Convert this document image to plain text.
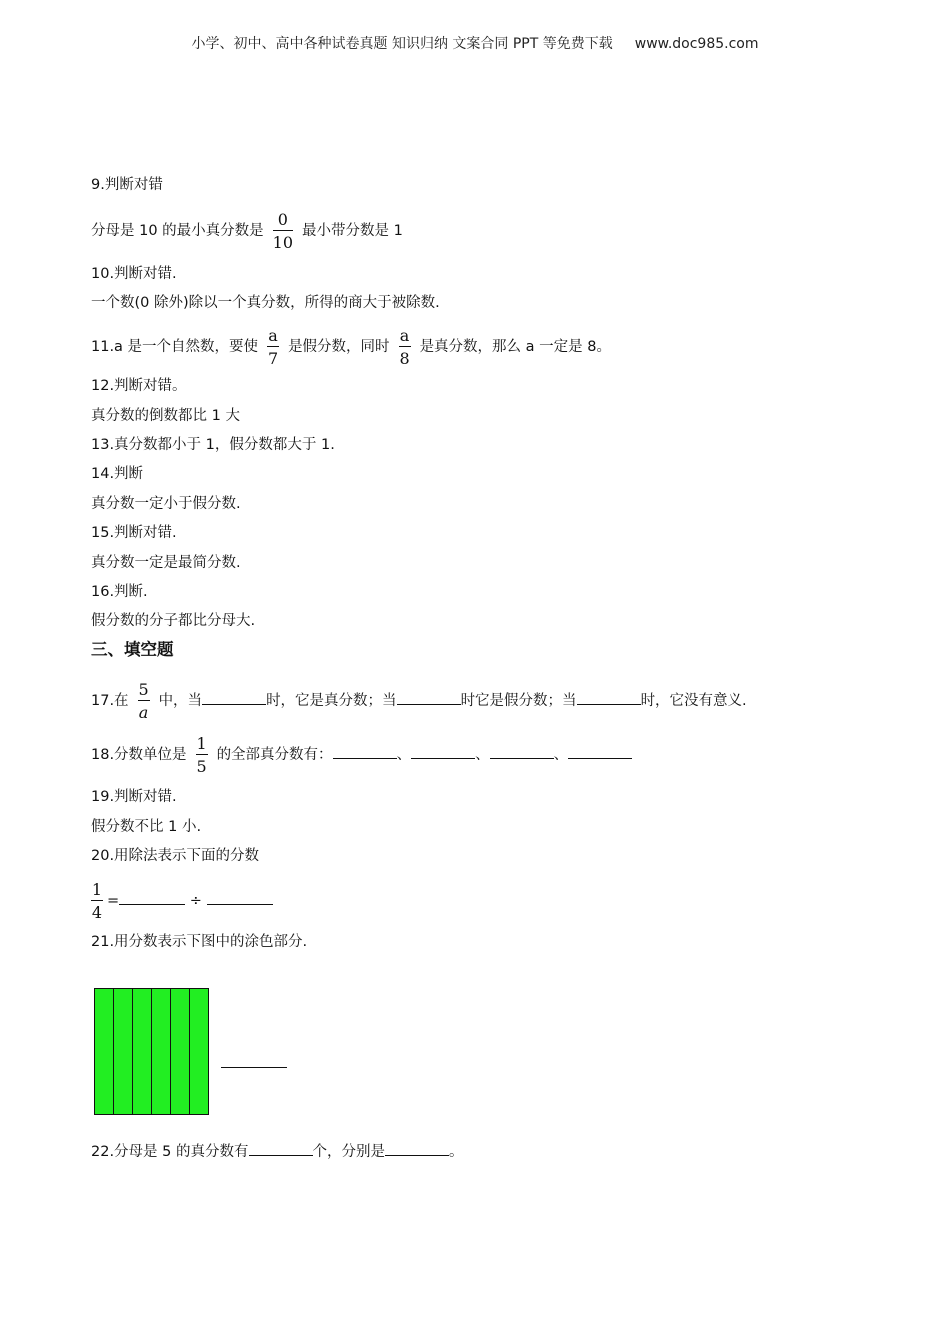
小学、初中、高中各种试卷真题 知识归纳 文案合同 PPT 等免费下载 www.doc985.com
9.判断对错
分母是 10 的最小真分数是 $\frac{0}{10}$ 最小带分数是 1
10.判断对错.
一个数(0 除外)除以一个真分数，所得的商大于被除数.
11.a 是一个自然数，要使 $\frac{a}{7}$ 是假分数，同时 $\frac{a}{8}$ 是真分数，那么 a 一定是 8。
12.判断对错。
真分数的倒数都比 1 大
13.真分数都小于 1，假分数都大于 1.
14.判断
真分数一定小于假分数.
15.判断对错.
真分数一定是最简分数.
16.判断.
假分数的分子都比分母大.
三、填空题
17.在 $\frac{5}{a}$ 中，当	时，它是真分数；当	时它是假分数；当	时，它没有意义.
18.分数单位是 $\frac{1}{5}$ 的全部真分数有：	、	、	、
19.判断对错.
假分数不比 1 小.
20.用除法表示下面的分数
$\frac{1}{4}$ =	÷
21.用分数表示下图中的涂色部分.
22.分母是 5 的真分数有	个，分别是	。
